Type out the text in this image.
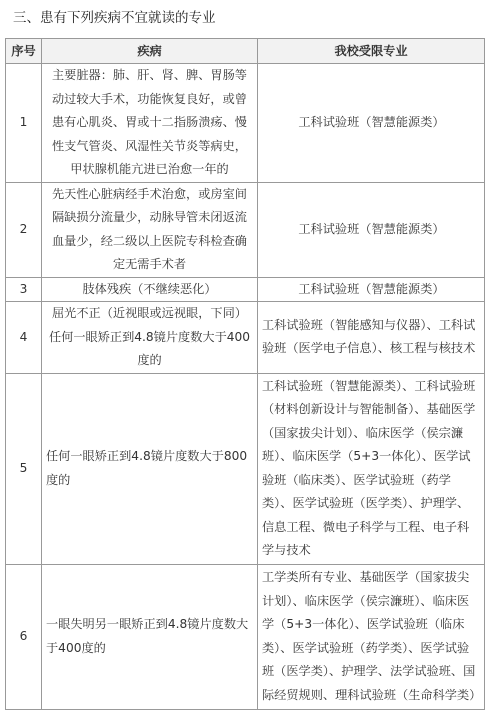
三、患有下列疾病不宜就读的专业
序号	疾病	我校受限专业
1	主要脏器：肺、肝、肾、脾、胃肠等动过较大手术，功能恢复良好，或曾患有心肌炎、胃或十二指肠溃疡、慢性支气管炎、风湿性关节炎等病史，甲状腺机能亢进已治愈一年的	工科试验班（智慧能源类）
2	先天性心脏病经手术治愈，或房室间隔缺损分流量少，动脉导管未闭返流血量少，经二级以上医院专科检查确定无需手术者	工科试验班（智慧能源类）
3	肢体残疾（不继续恶化）	工科试验班（智慧能源类）
4	屈光不正（近视眼或远视眼，下同）任何一眼矫正到4.8镜片度数大于400度的	工科试验班（智能感知与仪器）、工科试验班（医学电子信息）、核工程与核技术
5	任何一眼矫正到4.8镜片度数大于800度的	工科试验班（智慧能源类）、工科试验班（材料创新设计与智能制备）、基础医学（国家拔尖计划）、临床医学（侯宗濂班）、临床医学（5+3一体化）、医学试验班（临床类）、医学试验班（药学类）、医学试验班（医学类）、护理学、信息工程、微电子科学与工程、电子科学与技术
6	一眼失明另一眼矫正到4.8镜片度数大于400度的	工学类所有专业、基础医学（国家拔尖计划）、临床医学（侯宗濂班）、临床医学（5+3一体化）、医学试验班（临床类）、医学试验班（药学类）、医学试验班（医学类）、护理学、法学试验班、国际经贸规则、理科试验班（生命科学类）
